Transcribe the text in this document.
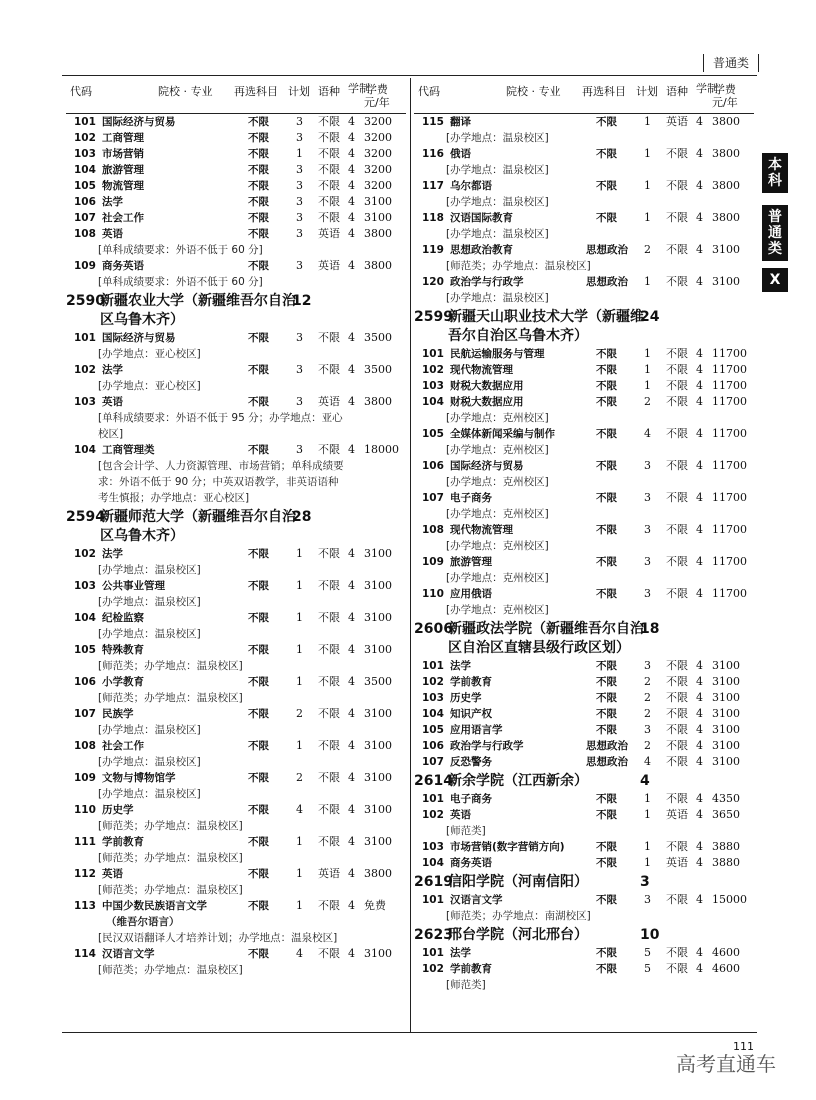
普通类
代码	院校 · 专业 再选科目 计划 语种 学制
学费
元/年
101 国际经济与贸易	不限 3 不限 4 3200
102 工商管理	不限 3 不限 4 3200
103 市场营销	不限 1 不限 4 3200
104 旅游管理	不限 3 不限 4 3200
105 物流管理	不限 3 不限 4 3200
106 法学	不限 3 不限 4 3100
107 社会工作	不限 3 不限 4 3100
108 英语	不限 3 英语 4 3800
[单科成绩要求：外语不低于 60 分]
109 商务英语	不限 3 英语 4 3800
[单科成绩要求：外语不低于 60 分]
2590
新疆农业大学（新疆维吾尔自治区乌鲁木齐）
12
101 国际经济与贸易	不限 3 不限 4 3500
[办学地点：亚心校区]
102 法学	不限 3 不限 4 3500
[办学地点：亚心校区]
103 英语	不限 3 英语 4 3800
[单科成绩要求：外语不低于 95 分；办学地点：亚心校区]
104 工商管理类	不限 3 不限 4 18000
[包含会计学、人力资源管理、市场营销；单科成绩要求：外语不低于 90 分；中英双语教学，非英语语种考生慎报；办学地点：亚心校区]
2594
新疆师范大学（新疆维吾尔自治区乌鲁木齐）
28
102 法学	不限 1 不限 4 3100
[办学地点：温泉校区]
103 公共事业管理	不限 1 不限 4 3100
[办学地点：温泉校区]
104 纪检监察	不限 1 不限 4 3100
[办学地点：温泉校区]
105 特殊教育	不限 1 不限 4 3100
[师范类；办学地点：温泉校区]
106 小学教育	不限 1 不限 4 3500
[师范类；办学地点：温泉校区]
107 民族学	不限 2 不限 4 3100
[办学地点：温泉校区]
108 社会工作	不限 1 不限 4 3100
[办学地点：温泉校区]
109 文物与博物馆学	不限 2 不限 4 3100
[办学地点：温泉校区]
110 历史学	不限 4 不限 4 3100
[师范类；办学地点：温泉校区]
111 学前教育	不限 1 不限 4 3100
[师范类；办学地点：温泉校区]
112 英语	不限 1 英语 4 3800
[师范类；办学地点：温泉校区]
113 中国少数民族语言文学	不限 1 不限 4 免费
（维吾尔语言）
[民汉双语翻译人才培养计划；办学地点：温泉校区]
114 汉语言文学	不限 4 不限 4 3100
[师范类；办学地点：温泉校区]
代码	院校 · 专业 再选科目 计划 语种 学制
学费
元/年
115 翻译	不限 1 英语 4 3800
[办学地点：温泉校区]
116 俄语	不限 1 不限 4 3800
[办学地点：温泉校区]
117 乌尔都语	不限 1 不限 4 3800
[办学地点：温泉校区]
118 汉语国际教育	不限 1 不限 4 3800
[办学地点：温泉校区]
119 思想政治教育	思想政治 2 不限 4 3100
[师范类；办学地点：温泉校区]
120 政治学与行政学	思想政治 1 不限 4 3100
[办学地点：温泉校区]
2599
新疆天山职业技术大学（新疆维吾尔自治区乌鲁木齐）
24
101 民航运输服务与管理	不限 1 不限 4 11700
102 现代物流管理	不限 1 不限 4 11700
103 财税大数据应用	不限 1 不限 4 11700
104 财税大数据应用	不限 2 不限 4 11700
[办学地点：克州校区]
105 全媒体新闻采编与制作	不限 4 不限 4 11700
[办学地点：克州校区]
106 国际经济与贸易	不限 3 不限 4 11700
[办学地点：克州校区]
107 电子商务	不限 3 不限 4 11700
[办学地点：克州校区]
108 现代物流管理	不限 3 不限 4 11700
[办学地点：克州校区]
109 旅游管理	不限 3 不限 4 11700
[办学地点：克州校区]
110 应用俄语	不限 3 不限 4 11700
[办学地点：克州校区]
2606
新疆政法学院（新疆维吾尔自治区自治区直辖县级行政区划）
18
101 法学	不限 3 不限 4 3100
102 学前教育	不限 2 不限 4 3100
103 历史学	不限 2 不限 4 3100
104 知识产权	不限 2 不限 4 3100
105 应用语言学	不限 3 不限 4 3100
106 政治学与行政学	思想政治 2 不限 4 3100
107 反恐警务	思想政治 4 不限 4 3100
2614
新余学院（江西新余）	4
101 电子商务	不限 1 不限 4 4350
102 英语	不限 1 英语 4 3650
[师范类]
103 市场营销(数字营销方向)	不限 1 不限 4 3880
104 商务英语	不限 1 英语 4 3880
2619
信阳学院（河南信阳）	3
101 汉语言文学	不限 3 不限 4 15000
[师范类；办学地点：南湖校区]
2623
邢台学院（河北邢台）	10
101 法学	不限 5 不限 4 4600
102 学前教育	不限 5 不限 4 4600
[师范类]
本科
普通类
X
111
高考直通车
